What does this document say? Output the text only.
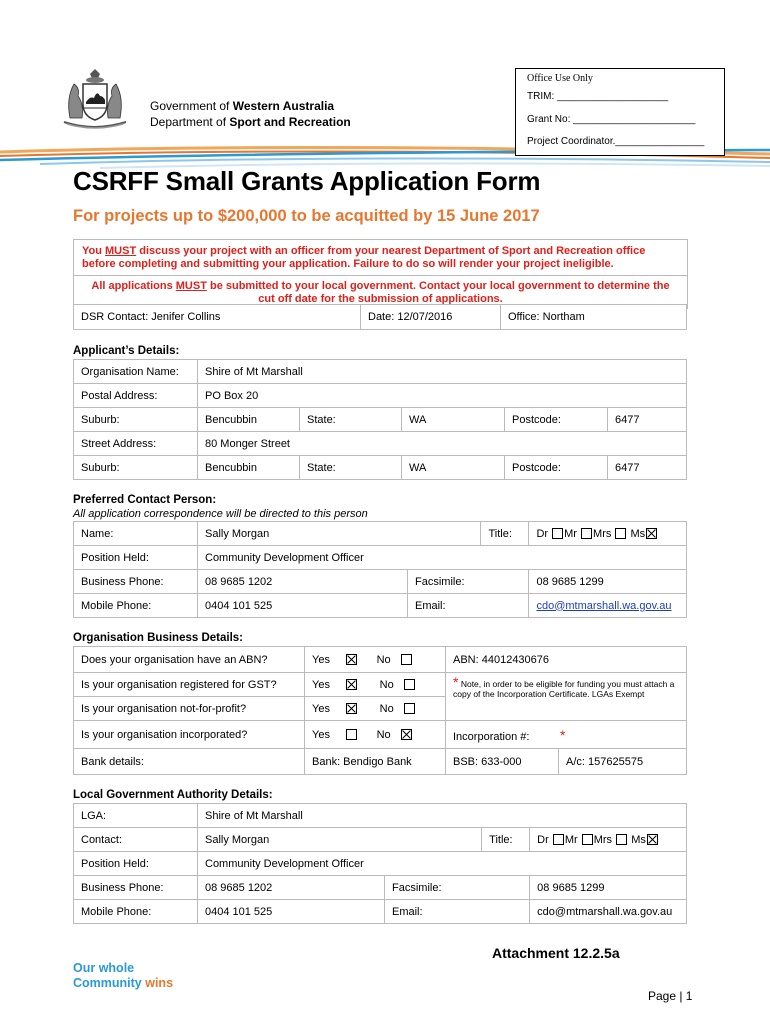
Government of Western Australia
Department of Sport and Recreation
Office Use Only
TRIM: ____________________
Grant No: ______________________
Project Coordinator.________________
CSRFF Small Grants Application Form
For projects up to $200,000 to be acquitted by 15 June 2017
You MUST discuss your project with an officer from your nearest Department of Sport and Recreation office before completing and submitting your application. Failure to do so will render your project ineligible.
All applications MUST be submitted to your local government. Contact your local government to determine the cut off date for the submission of applications.
DSR Contact: Jenifer Collins	Date: 12/07/2016	Office: Northam
Applicant’s Details:
Organisation Name:	Shire of Mt Marshall				
Postal Address:	PO Box 20				
Suburb:	Bencubbin	State:	WA	Postcode:	6477
Street Address:	80 Monger Street				
Suburb:	Bencubbin	State:	WA	Postcode:	6477
Preferred Contact Person:
All application correspondence will be directed to this person
Name:	Sally Morgan		Title:	Dr Mr Mrs Ms
Position Held:	Community Development Officer			
Business Phone:	08 9685 1202	Facsimile:		08 9685 1299
Mobile Phone:	0404 101 525	Email:		cdo@mtmarshall.wa.gov.au
Organisation Business Details:
Does your organisation have an ABN?	Yes No	ABN: 44012430676	
Is your organisation registered for GST?	Yes No	* Note, in order to be eligible for funding you must attach a copy of the Incorporation Certificate. LGAs Exempt	
Is your organisation not-for-profit?	Yes No		
Is your organisation incorporated?	Yes No	Incorporation #: *	
Bank details:	Bank: Bendigo Bank	BSB: 633-000	A/c: 157625575
Local Government Authority Details:
LGA:	Shire of Mt Marshall			
Contact:	Sally Morgan		Title:	Dr Mr Mrs Ms
Position Held:	Community Development Officer			
Business Phone:	08 9685 1202	Facsimile:		08 9685 1299
Mobile Phone:	0404 101 525	Email:		cdo@mtmarshall.wa.gov.au
Attachment 12.2.5a
Our whole
Community wins
Page | 1
